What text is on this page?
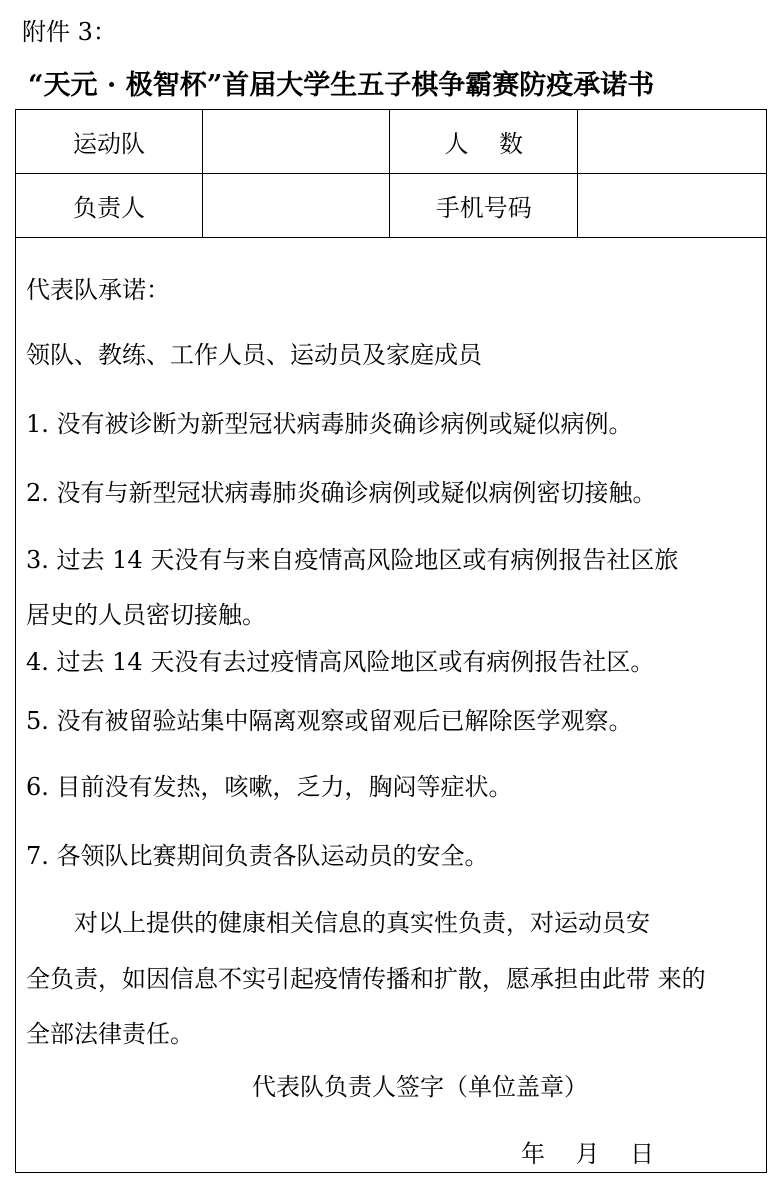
附件 3：
“天元 · 极智杯”首届大学生五子棋争霸赛防疫承诺书
运动队		人    数	
负责人		手机号码	
代表队承诺：
领队、教练、工作人员、运动员及家庭成员
1. 没有被诊断为新型冠状病毒肺炎确诊病例或疑似病例。
2. 没有与新型冠状病毒肺炎确诊病例或疑似病例密切接触。
3. 过去 14 天没有与来自疫情高风险地区或有病例报告社区旅
居史的人员密切接触。
4. 过去 14 天没有去过疫情高风险地区或有病例报告社区。
5. 没有被留验站集中隔离观察或留观后已解除医学观察。
6. 目前没有发热，咳嗽，乏力，胸闷等症状。
7. 各领队比赛期间负责各队运动员的安全。
对以上提供的健康相关信息的真实性负责，对运动员安
全负责，如因信息不实引起疫情传播和扩散，愿承担由此带 来的
全部法律责任。
代表队负责人签字（单位盖章）
年    月    日
